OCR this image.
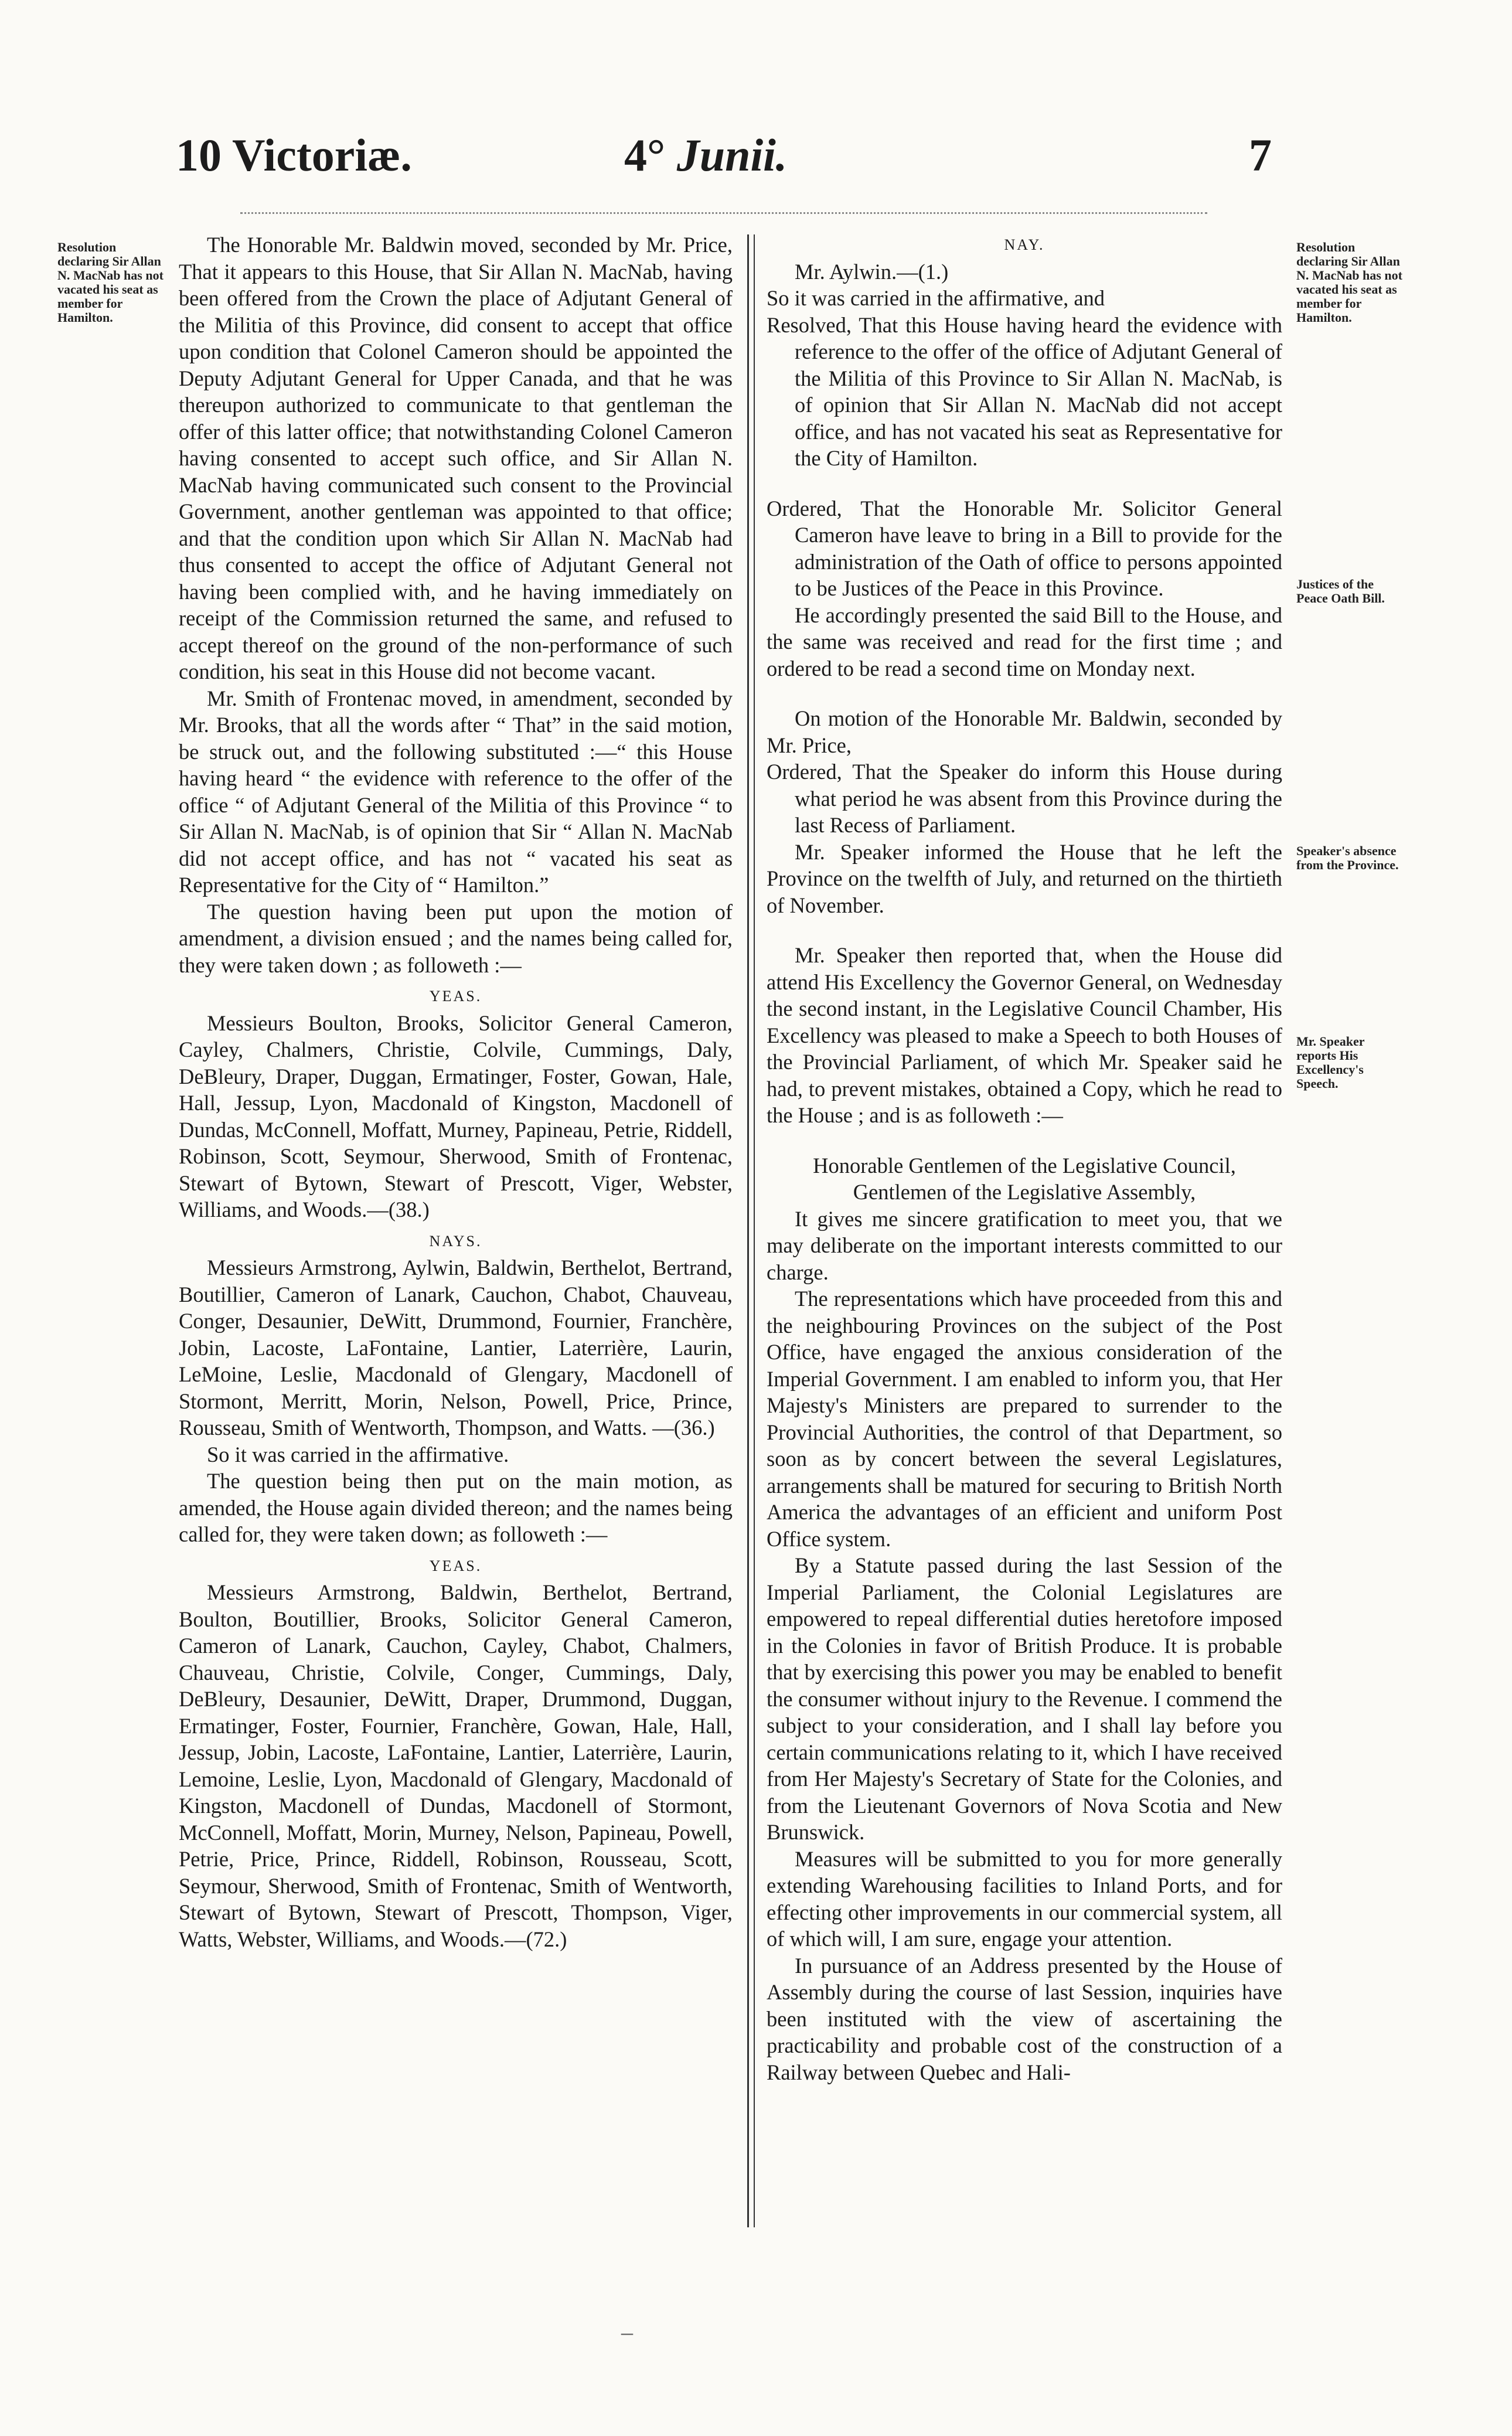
10 Victoriæ.	4° Junii.	7
Resolution declaring Sir Allan N. MacNab has not vacated his seat as member for Hamilton.
Resolution declaring Sir Allan N. MacNab has not vacated his seat as member for Hamilton.
Justices of the Peace Oath Bill.
Speaker's absence from the Province.
Mr. Speaker reports His Excellency's Speech.

The Honorable Mr. Baldwin moved, seconded by Mr. Price, That it appears to this House, that Sir Allan N. MacNab, having been offered from the Crown the place of Adjutant General of the Militia of this Province, did consent to accept that office upon condition that Colonel Cameron should be appointed the Deputy Adjutant General for Upper Canada, and that he was thereupon authorized to communicate to that gentleman the offer of this latter office; that notwithstanding Colonel Cameron having consented to accept such office, and Sir Allan N. MacNab having communicated such consent to the Provincial Government, another gentleman was appointed to that office; and that the condition upon which Sir Allan N. MacNab had thus consented to accept the office of Adjutant General not having been complied with, and he having immediately on receipt of the Commission returned the same, and refused to accept thereof on the ground of the non-performance of such condition, his seat in this House did not become vacant.

Mr. Smith of Frontenac moved, in amendment, seconded by Mr. Brooks, that all the words after “ That” in the said motion, be struck out, and the following substituted :—“ this House having heard “ the evidence with reference to the offer of the office “ of Adjutant General of the Militia of this Province “ to Sir Allan N. MacNab, is of opinion that Sir “ Allan N. MacNab did not accept office, and has not “ vacated his seat as Representative for the City of “ Hamilton.”

The question having been put upon the motion of amendment, a division ensued ; and the names being called for, they were taken down ; as followeth :—

YEAS.

Messieurs Boulton, Brooks, Solicitor General Cameron, Cayley, Chalmers, Christie, Colvile, Cummings, Daly, DeBleury, Draper, Duggan, Ermatinger, Foster, Gowan, Hale, Hall, Jessup, Lyon, Macdonald of Kingston, Macdonell of Dundas, McConnell, Moffatt, Murney, Papineau, Petrie, Riddell, Robinson, Scott, Seymour, Sherwood, Smith of Frontenac, Stewart of Bytown, Stewart of Prescott, Viger, Webster, Williams, and Woods.—(38.)

NAYS.

Messieurs Armstrong, Aylwin, Baldwin, Berthelot, Bertrand, Boutillier, Cameron of Lanark, Cauchon, Chabot, Chauveau, Conger, Desaunier, DeWitt, Drummond, Fournier, Franchère, Jobin, Lacoste, LaFontaine, Lantier, Laterrière, Laurin, LeMoine, Leslie, Macdonald of Glengary, Macdonell of Stormont, Merritt, Morin, Nelson, Powell, Price, Prince, Rousseau, Smith of Wentworth, Thompson, and Watts. —(36.)

So it was carried in the affirmative.

The question being then put on the main motion, as amended, the House again divided thereon; and the names being called for, they were taken down; as followeth :—

YEAS.

Messieurs Armstrong, Baldwin, Berthelot, Bertrand, Boulton, Boutillier, Brooks, Solicitor General Cameron, Cameron of Lanark, Cauchon, Cayley, Chabot, Chalmers, Chauveau, Christie, Colvile, Conger, Cummings, Daly, DeBleury, Desaunier, DeWitt, Draper, Drummond, Duggan, Ermatinger, Foster, Fournier, Franchère, Gowan, Hale, Hall, Jessup, Jobin, Lacoste, LaFontaine, Lantier, Laterrière, Laurin, Lemoine, Leslie, Lyon, Macdonald of Glengary, Macdonald of Kingston, Macdonell of Dundas, Macdonell of Stormont, McConnell, Moffatt, Morin, Murney, Nelson, Papineau, Powell, Petrie, Price, Prince, Riddell, Robinson, Rousseau, Scott, Seymour, Sherwood, Smith of Frontenac, Smith of Wentworth, Stewart of Bytown, Stewart of Prescott, Thompson, Viger, Watts, Webster, Williams, and Woods.—(72.)

NAY.

Mr. Aylwin.—(1.)

So it was carried in the affirmative, and

Resolved, That this House having heard the evidence with reference to the offer of the office of Adjutant General of the Militia of this Province to Sir Allan N. MacNab, is of opinion that Sir Allan N. MacNab did not accept office, and has not vacated his seat as Representative for the City of Hamilton.

Ordered, That the Honorable Mr. Solicitor General Cameron have leave to bring in a Bill to provide for the administration of the Oath of office to persons appointed to be Justices of the Peace in this Province.

He accordingly presented the said Bill to the House, and the same was received and read for the first time ; and ordered to be read a second time on Monday next.

On motion of the Honorable Mr. Baldwin, seconded by Mr. Price,

Ordered, That the Speaker do inform this House during what period he was absent from this Province during the last Recess of Parliament.

Mr. Speaker informed the House that he left the Province on the twelfth of July, and returned on the thirtieth of November.

Mr. Speaker then reported that, when the House did attend His Excellency the Governor General, on Wednesday the second instant, in the Legislative Council Chamber, His Excellency was pleased to make a Speech to both Houses of the Provincial Parliament, of which Mr. Speaker said he had, to prevent mistakes, obtained a Copy, which he read to the House ; and is as followeth :—

Honorable Gentlemen of the Legislative Council,

Gentlemen of the Legislative Assembly,

It gives me sincere gratification to meet you, that we may deliberate on the important interests committed to our charge.

The representations which have proceeded from this and the neighbouring Provinces on the subject of the Post Office, have engaged the anxious consideration of the Imperial Government. I am enabled to inform you, that Her Majesty's Ministers are prepared to surrender to the Provincial Authorities, the control of that Department, so soon as by concert between the several Legislatures, arrangements shall be matured for securing to British North America the advantages of an efficient and uniform Post Office system.

By a Statute passed during the last Session of the Imperial Parliament, the Colonial Legislatures are empowered to repeal differential duties heretofore imposed in the Colonies in favor of British Produce. It is probable that by exercising this power you may be enabled to benefit the consumer without injury to the Revenue. I commend the subject to your consideration, and I shall lay before you certain communications relating to it, which I have received from Her Majesty's Secretary of State for the Colonies, and from the Lieutenant Governors of Nova Scotia and New Brunswick.

Measures will be submitted to you for more generally extending Warehousing facilities to Inland Ports, and for effecting other improvements in our commercial system, all of which will, I am sure, engage your attention.

In pursuance of an Address presented by the House of Assembly during the course of last Session, inquiries have been instituted with the view of ascertaining the practicability and probable cost of the construction of a Railway between Quebec and Hali-

–
